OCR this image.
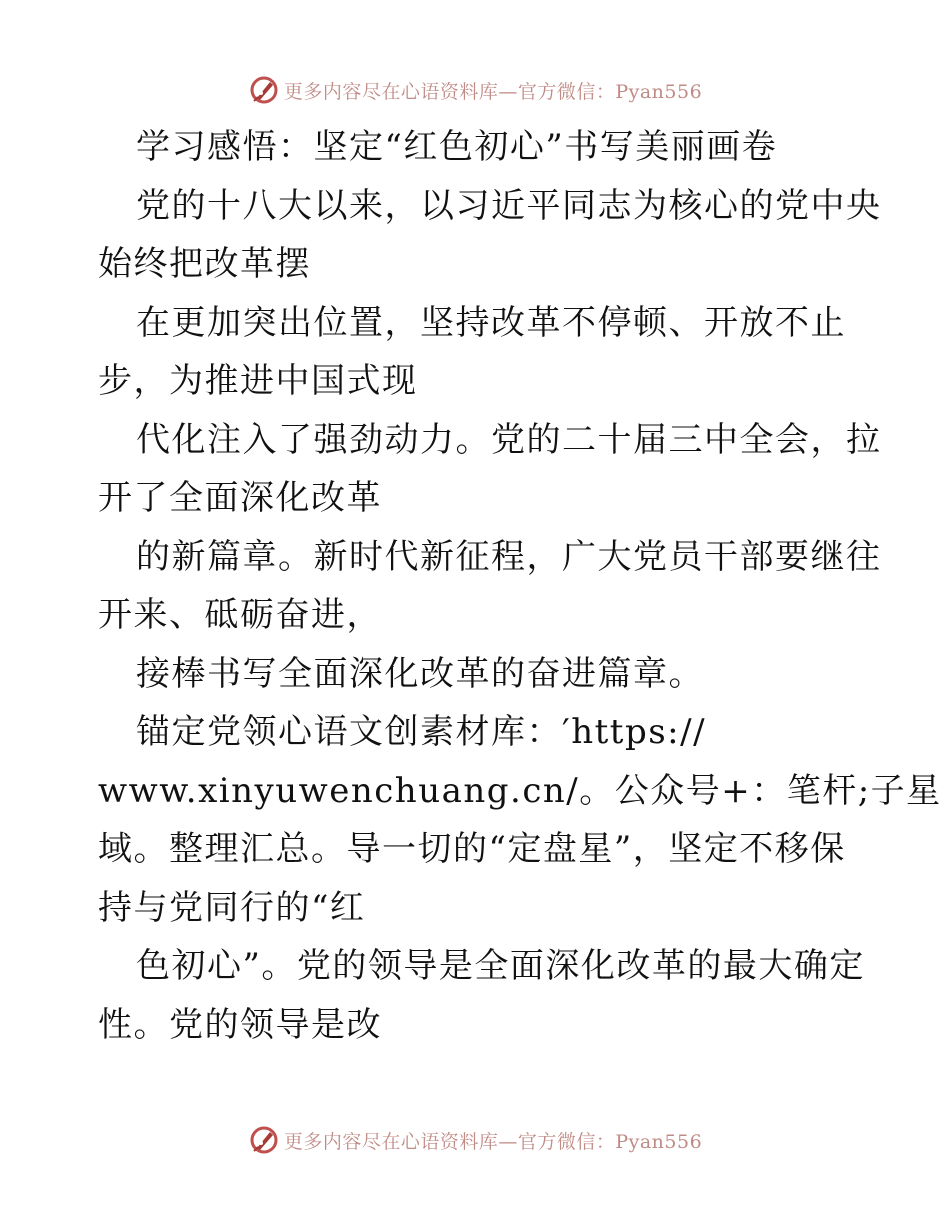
更多内容尽在心语资料库—官方微信：Pyan556
学习感悟：坚定“红色初心”书写美丽画卷
党的十八大以来，以习近平同志为核心的党中央
始终把改革摆
在更加突出位置，坚持改革不停顿、开放不止
步，为推进中国式现
代化注入了强劲动力。党的二十届三中全会，拉
开了全面深化改革
的新篇章。新时代新征程，广大党员干部要继往
开来、砥砺奋进，
接棒书写全面深化改革的奋进篇章。
锚定党领心语文创素材库：′https://
www.xinyuwenchuang.cn/。公众号+：笔杆;子星
域。整理汇总。导一切的“定盘星”，坚定不移保
持与党同行的“红
色初心”。党的领导是全面深化改革的最大确定
性。党的领导是改
更多内容尽在心语资料库—官方微信：Pyan556
